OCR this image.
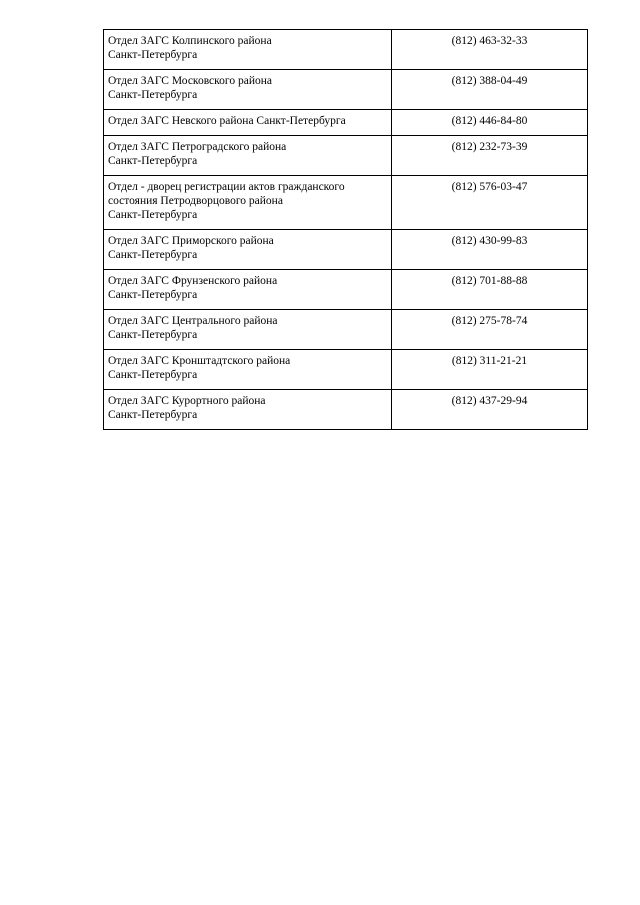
Отдел ЗАГС Колпинского района
Санкт-Петербурга	(812) 463-32-33
Отдел ЗАГС Московского района
Санкт-Петербурга	(812) 388-04-49
Отдел ЗАГС Невского района Санкт-Петербурга	(812) 446-84-80
Отдел ЗАГС Петроградского района
Санкт-Петербурга	(812) 232-73-39
Отдел - дворец регистрации актов гражданского
состояния Петродворцового района
Санкт-Петербурга	(812) 576-03-47
Отдел ЗАГС Приморского района
Санкт-Петербурга	(812) 430-99-83
Отдел ЗАГС Фрунзенского района
Санкт-Петербурга	(812) 701-88-88
Отдел ЗАГС Центрального района
Санкт-Петербурга	(812) 275-78-74
Отдел ЗАГС Кронштадтского района
Санкт-Петербурга	(812) 311-21-21
Отдел ЗАГС Курортного района
Санкт-Петербурга	(812) 437-29-94
